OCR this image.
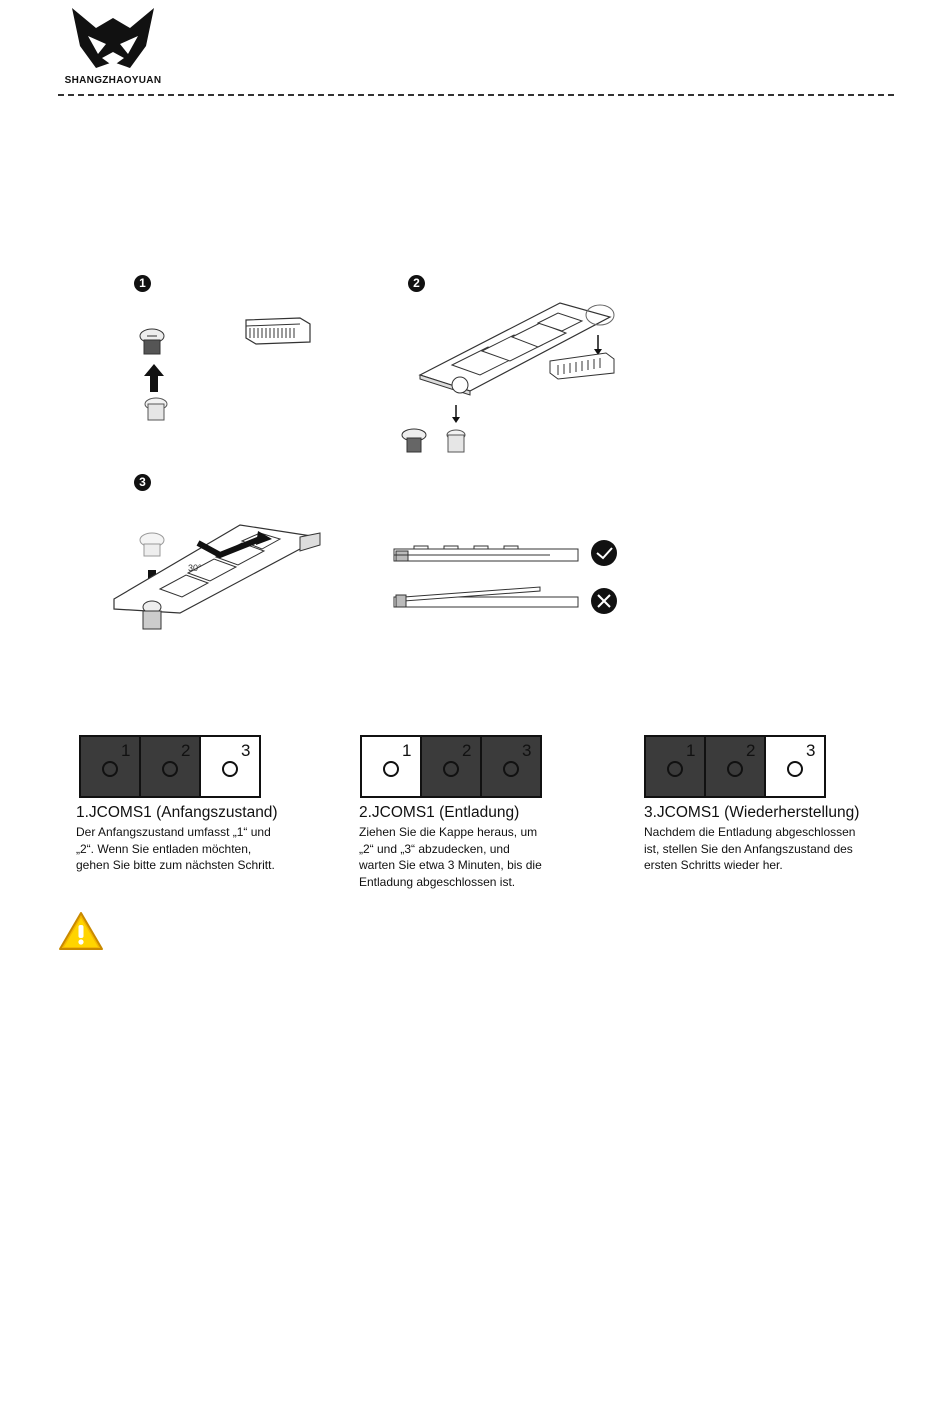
SHANGZHAOYUAN
1	2
3
30°
1	2	3	1	2	3	1	2	3
1.JCOMS1 (Anfangszustand)
Der Anfangszustand umfasst „1“ und
„2“. Wenn Sie entladen möchten,
gehen Sie bitte zum nächsten Schritt.
2.JCOMS1 (Entladung)
Ziehen Sie die Kappe heraus, um
„2“ und „3“ abzudecken, und
warten Sie etwa 3 Minuten, bis die
Entladung abgeschlossen ist.
3.JCOMS1 (Wiederherstellung)
Nachdem die Entladung abgeschlossen
ist, stellen Sie den Anfangszustand des
ersten Schritts wieder her.
